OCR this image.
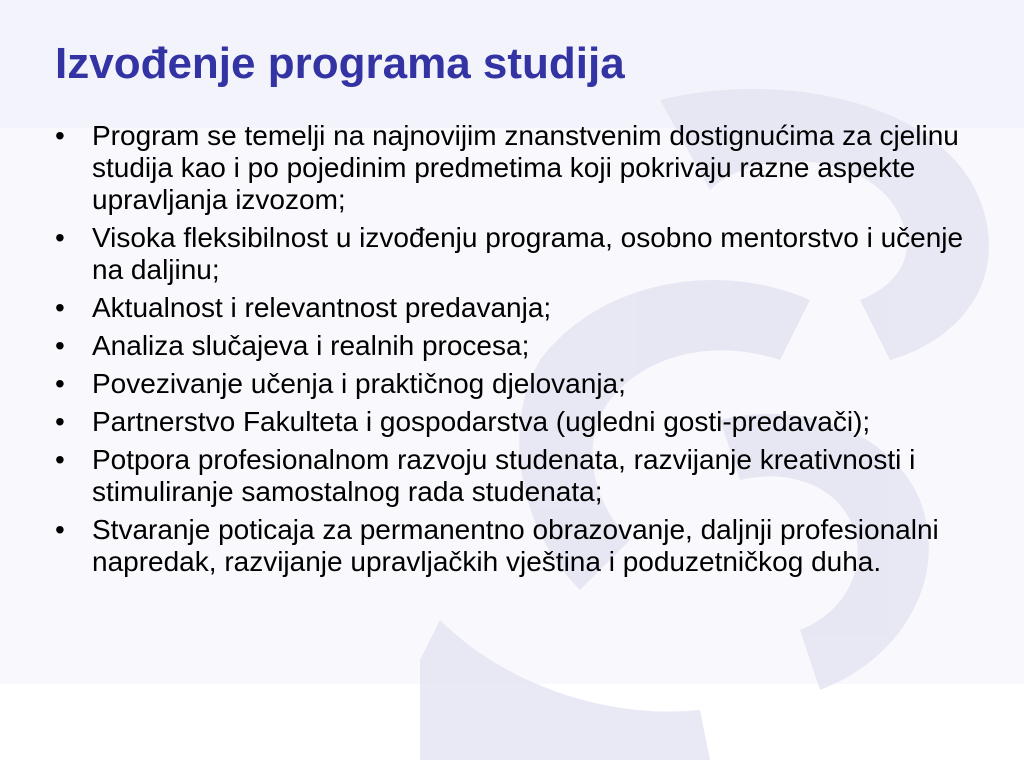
Izvođenje programa studija
• Program se temelji na najnovijim znanstvenim dostignućima za cjelinu studija kao i po pojedinim predmetima koji pokrivaju razne aspekte upravljanja izvozom;
• Visoka fleksibilnost u izvođenju programa, osobno mentorstvo i učenje na daljinu;
• Aktualnost i relevantnost predavanja;
• Analiza slučajeva i realnih procesa;
• Povezivanje učenja i praktičnog djelovanja;
• Partnerstvo Fakulteta i gospodarstva (ugledni gosti-predavači);
• Potpora profesionalnom razvoju studenata, razvijanje kreativnosti i stimuliranje samostalnog rada studenata;
• Stvaranje poticaja za permanentno obrazovanje, daljnji profesionalni napredak, razvijanje upravljačkih vještina i poduzetničkog duha.
